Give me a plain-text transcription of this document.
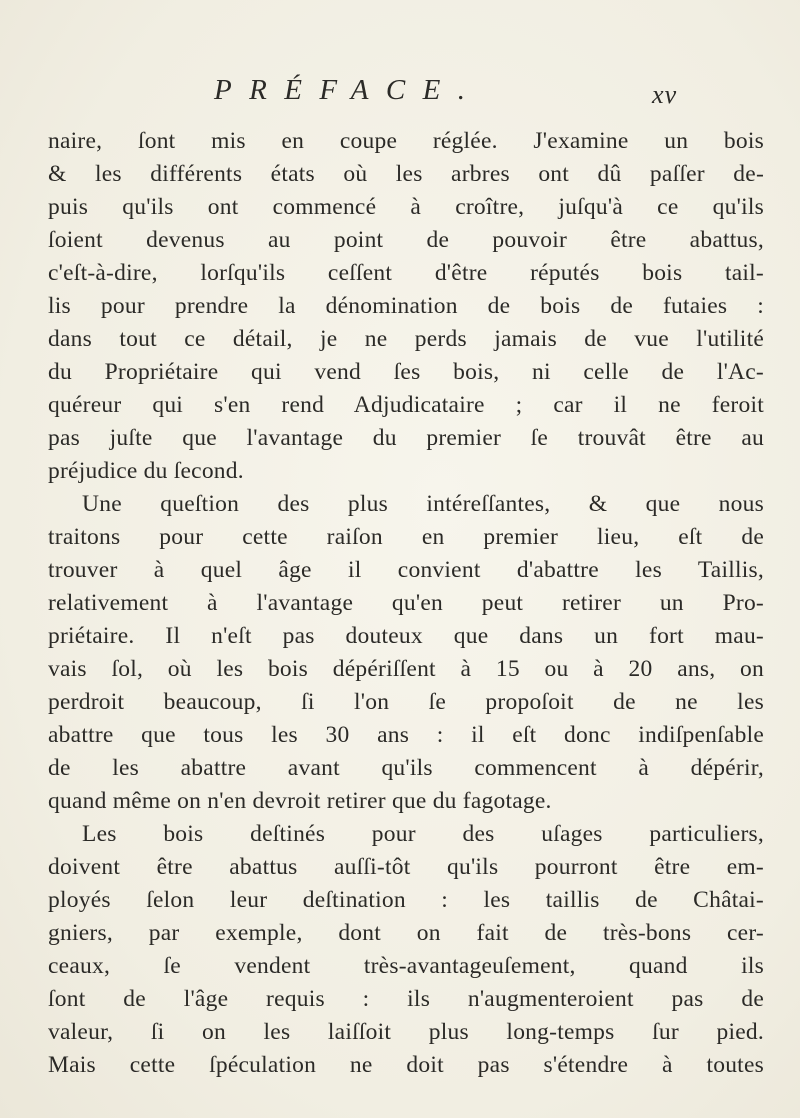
PRÉFACE.	xv
naire, ſont mis en coupe réglée. J'examine un bois
& les différents états où les arbres ont dû paſſer de-
puis qu'ils ont commencé à croître, juſqu'à ce qu'ils
ſoient devenus au point de pouvoir être abattus,
c'eſt-à-dire, lorſqu'ils ceſſent d'être réputés bois tail-
lis pour prendre la dénomination de bois de futaies :
dans tout ce détail, je ne perds jamais de vue l'utilité
du Propriétaire qui vend ſes bois, ni celle de l'Ac-
quéreur qui s'en rend Adjudicataire ; car il ne feroit
pas juſte que l'avantage du premier ſe trouvât être au
préjudice du ſecond.
Une queſtion des plus intéreſſantes, & que nous
traitons pour cette raiſon en premier lieu, eſt de
trouver à quel âge il convient d'abattre les Taillis,
relativement à l'avantage qu'en peut retirer un Pro-
priétaire. Il n'eſt pas douteux que dans un fort mau-
vais ſol, où les bois dépériſſent à 15 ou à 20 ans, on
perdroit beaucoup, ſi l'on ſe propoſoit de ne les
abattre que tous les 30 ans : il eſt donc indiſpenſable
de les abattre avant qu'ils commencent à dépérir,
quand même on n'en devroit retirer que du fagotage.
Les bois deſtinés pour des uſages particuliers,
doivent être abattus auſſi-tôt qu'ils pourront être em-
ployés ſelon leur deſtination : les taillis de Châtai-
gniers, par exemple, dont on fait de très-bons cer-
ceaux, ſe vendent très-avantageuſement, quand ils
ſont de l'âge requis : ils n'augmenteroient pas de
valeur, ſi on les laiſſoit plus long-temps ſur pied.
Mais cette ſpéculation ne doit pas s'étendre à toutes
